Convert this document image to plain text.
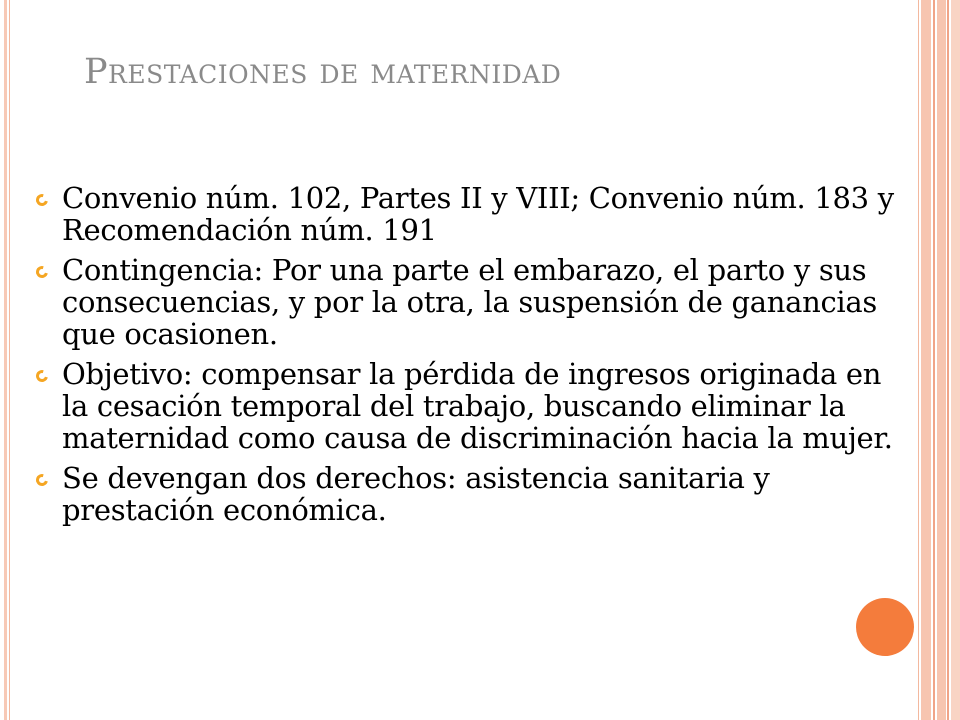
Prestaciones de maternidad
Convenio núm. 102, Partes II y VIII; Convenio núm. 183 y Recomendación núm. 191
Contingencia: Por una parte el embarazo, el parto y sus consecuencias, y por la otra, la suspensión de ganancias que ocasionen.
Objetivo: compensar la pérdida de ingresos originada en la cesación temporal del trabajo, buscando eliminar la maternidad como causa de discriminación hacia la mujer.
Se devengan dos derechos: asistencia sanitaria y prestación económica.
